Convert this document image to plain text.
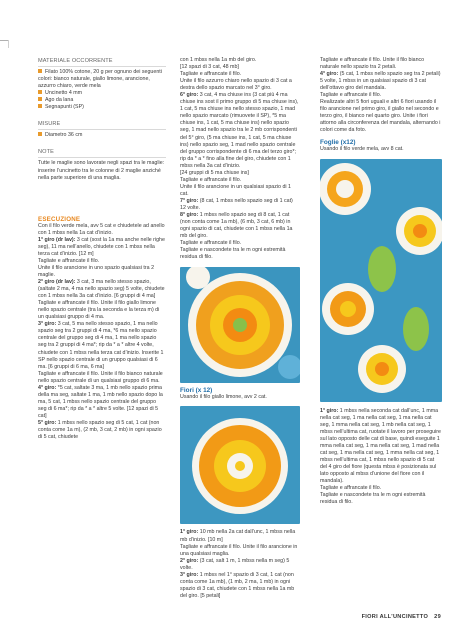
MATERIALE OCCORRENTE

Filato 100% cotone, 20 g per ognuno dei seguenti colori: bianco naturale, giallo limone, arancione, azzurro chiaro, verde mela

Uncinetto 4 mm

Ago da lana

Segnapunti (SP)

MISURE

Diametro 36 cm

NOTE

Tutte le maglie sono lavorate negli spazi tra le maglie: inserire l’uncinetto tra le colonne di 2 maglie anziché nella parte superiore di una maglia.

ESECUZIONE

Con il filo verde mela, avv 5 cat e chiudetele ad anello con 1 mbss nella 1a cat d’inizio.

1° giro (dr lav): 3 cat (sost la 1a ma anche nelle righe seg), 11 ma nell’anello, chiudete con 1 mbss nella terza cat d’inizio. [12 m]

Tagliate e affrancate il filo.

Unite il filo arancione in uno spazio qualsiasi tra 2 maglie.

2° giro (dr lav): 3 cat, 3 ma nello stesso spazio, (saltate 2 ma, 4 ma nello spazio seg) 5 volte, chiudete con 1 mbss nella 3a cat d’inizio. [6 gruppi di 4 ma]

Tagliate e affrancate il filo. Unite il filo giallo limone nello spazio centrale (tra la seconda e la terza m) di un qualsiasi gruppo di 4 ma.

3° giro: 3 cat, 5 ma nello stesso spazio, 1 ma nello spazio seg tra 2 gruppi di 4 ma, *6 ma nello spazio centrale del gruppo seg di 4 ma, 1 ma nello spazio seg tra 2 gruppi di 4 ma*; rip da * a * altre 4 volte, chiudete con 1 mbss nella terza cat d’inizio. Inserite 1 SP nello spazio centrale di un gruppo qualsiasi di 6 ma. [6 gruppi di 6 ma, 6 ma]

Tagliate e affrancate il filo. Unite il filo bianco naturale nello spazio centrale di un qualsiasi gruppo di 6 ma.

4° giro: *5 cat, saltate 3 ma, 1 mb nello spazio prima della ma seg, saltate 1 ma, 1 mb nello spazio dopo la ma, 5 cat, 1 mbss nello spazio centrale del gruppo seg di 6 ma*; rip da * a * altre 5 volte. [12 spazi di 5 cat]

5° giro: 1 mbss nello spazio seg di 5 cat, 1 cat (non conta come 1a m), (2 mb, 3 cat, 2 mb) in ogni spazio di 5 cat, chiudete

con 1 mbss nella 1a mb del giro.

[12 spazi di 3 cat, 48 mb]

Tagliate e affrancate il filo.

Unite il filo azzurro chiaro nello spazio di 3 cat a destra dello spazio marcato nel 3° giro.

6° giro: 3 cat, 4 ma chiuse ins (3 cat più 4 ma chiuse ins sost il primo gruppo di 5 ma chiuse ins), 1 cat, 5 ma chiuse ins nello stesso spazio, 1 mad nello spazio marcato (rimuovete il SP), *5 ma chiuse ins, 1 cat, 5 ma chiuse ins) nello spazio seg, 1 mad nello spazio tra le 2 mb corrispondenti del 5° giro, (5 ma chiuse ins, 1 cat, 5 ma chiuse ins) nello spazio seg, 1 mad nello spazio centrale del gruppo corrispondente di 6 ma del terzo giro*; rip da * a * fino alla fine del giro, chiudete con 1 mbss nella 3a cat d’inizio.

[24 gruppi di 5 ma chiuse ins]

Tagliate e affrancate il filo.

Unite il filo arancione in un qualsiasi spazio di 1 cat.

7° giro: (8 cat, 1 mbss nello spazio seg di 1 cat) 12 volte.

8° giro: 1 mbss nello spazio seg di 8 cat, 1 cat (non conta come 1a mb), (6 mb, 3 cat, 6 mb) in ogni spazio di cat, chiudete con 1 mbss nella 1a mb del giro.

Tagliate e affrancate il filo.

Tagliate e nascondete tra le m ogni estremità residua di filo.

Fiori (x 12)

Usando il filo giallo limone, avv 2 cat.

1° giro: 10 mb nella 2a cat dall’unc, 1 mbss nella mb d’inizio. [10 m]

Tagliate e affrancate il filo. Unite il filo arancione in una qualsiasi maglia.

2° giro: (3 cat, salt 1 m, 1 mbss nella m seg) 5 volte.

3° giro: 1 mbss nel 1° spazio di 3 cat, 1 cat (non conta come 1a mb), (1 mb, 2 ma, 1 mb) in ogni spazio di 3 cat, chiudete con 1 mbss nella 1a mb del giro. [5 petali]

Tagliate e affrancate il filo. Unite il filo bianco naturale nello spazio tra 2 petali.

4° giro: (5 cat, 1 mbss nello spazio seg tra 2 petali) 5 volte, 1 mbss in un qualsiasi spazio di 3 cat dell’ottavo giro del mandala.

Tagliate e affrancate il filo.

Realizzate altri 5 fiori uguali e altri 6 fiori usando il filo arancione nel primo giro, il giallo nel secondo e terzo giro, il bianco nel quarto giro. Unite i fiori attorno alla circonferenza del mandala, alternando i colori come da foto.

Foglie (x12)

Usando il filo verde mela, avv 8 cat.

1° giro: 1 mbss nella seconda cat dall’unc, 1 mma nella cat seg, 1 ma nella cat seg, 1 ma nella cat seg, 1 mma nella cat seg, 1 mb nella cat seg, 1 mbss nell’ultima cat, ruotate il lavoro per proseguire sul lato opposto delle cat di base, quindi eseguite 1 mma nella cat seg, 1 ma nella cat seg, 1 mad nella cat seg, 1 ma nella cat seg, 1 mma nella cat seg, 1 mbss nell’ultima cat, 1 mbss nello spazio di 5 cat del 4 giro del fiore (questa mbss è posizionata sul lato opposto al mbss d’unione del fiore con il mandala).

Tagliate e affrancate il filo.

Tagliate e nascondete tra le m ogni estremità residua di filo.

FIORI ALL’UNCINETTO 29
